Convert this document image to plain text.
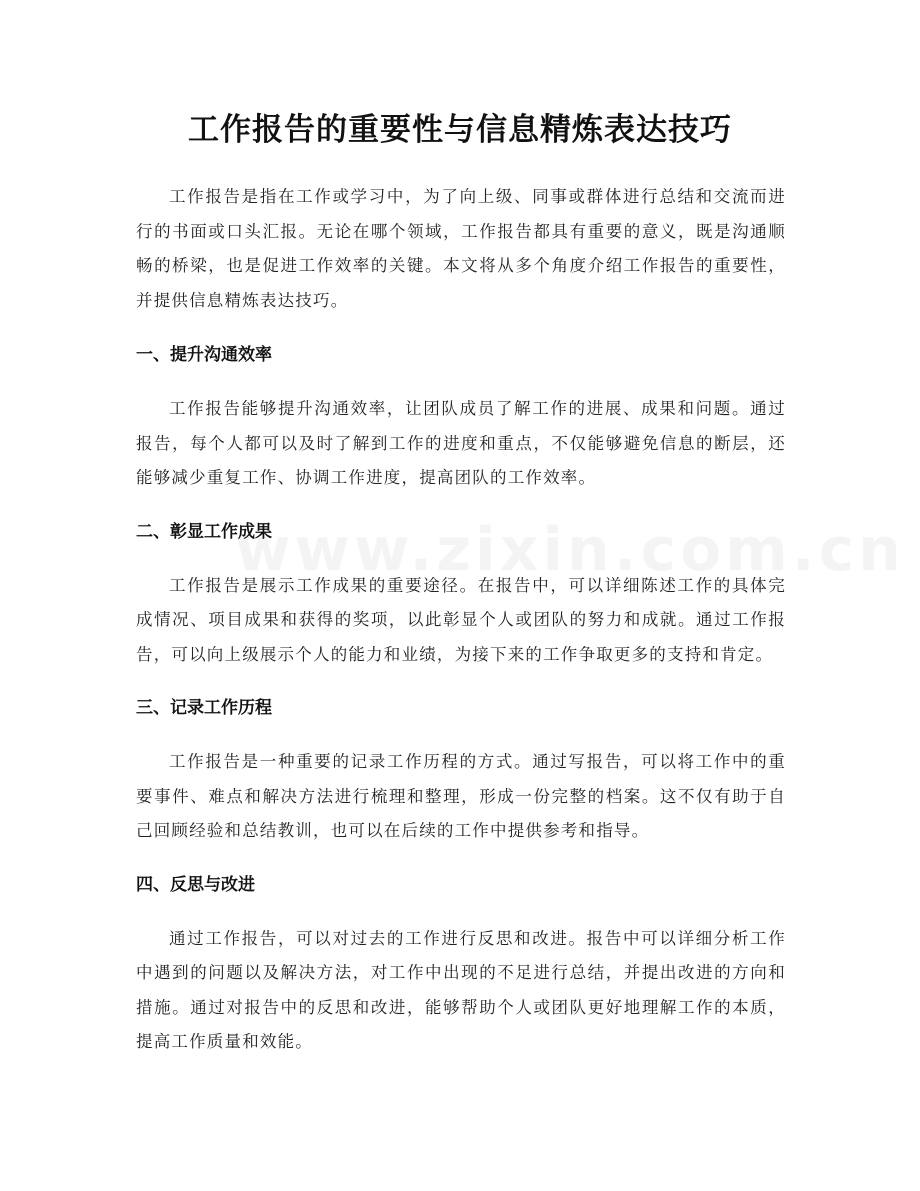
工作报告的重要性与信息精炼表达技巧

工作报告是指在工作或学习中，为了向上级、同事或群体进行总结和交流而进行的书面或口头汇报。无论在哪个领域，工作报告都具有重要的意义，既是沟通顺畅的桥梁，也是促进工作效率的关键。本文将从多个角度介绍工作报告的重要性，并提供信息精炼表达技巧。

一、提升沟通效率

工作报告能够提升沟通效率，让团队成员了解工作的进展、成果和问题。通过报告，每个人都可以及时了解到工作的进度和重点，不仅能够避免信息的断层，还能够减少重复工作、协调工作进度，提高团队的工作效率。

二、彰显工作成果

工作报告是展示工作成果的重要途径。在报告中，可以详细陈述工作的具体完成情况、项目成果和获得的奖项，以此彰显个人或团队的努力和成就。通过工作报告，可以向上级展示个人的能力和业绩，为接下来的工作争取更多的支持和肯定。

三、记录工作历程

工作报告是一种重要的记录工作历程的方式。通过写报告，可以将工作中的重要事件、难点和解决方法进行梳理和整理，形成一份完整的档案。这不仅有助于自己回顾经验和总结教训，也可以在后续的工作中提供参考和指导。

四、反思与改进

通过工作报告，可以对过去的工作进行反思和改进。报告中可以详细分析工作中遇到的问题以及解决方法，对工作中出现的不足进行总结，并提出改进的方向和措施。通过对报告中的反思和改进，能够帮助个人或团队更好地理解工作的本质，提高工作质量和效能。
